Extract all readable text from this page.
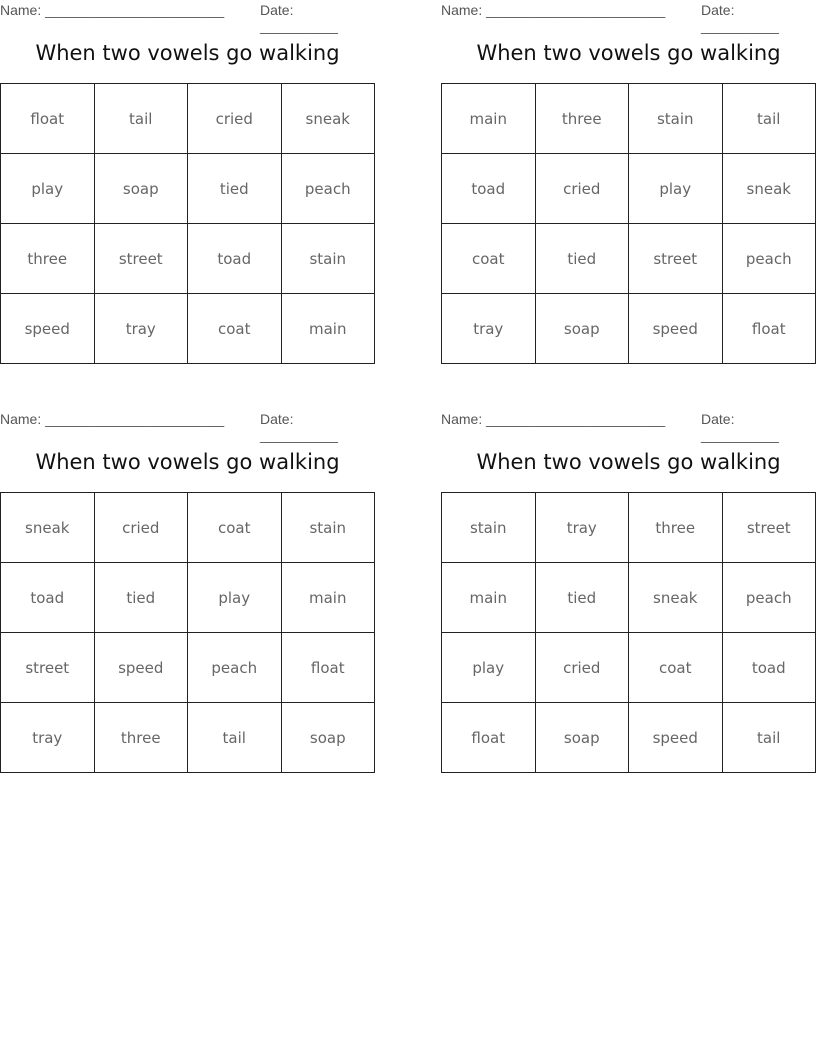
Name: _______________________	Date: __________
When two vowels go walking
float	tail	cried	sneak
play	soap	tied	peach
three	street	toad	stain
speed	tray	coat	main
Name: _______________________	Date: __________
When two vowels go walking
main	three	stain	tail
toad	cried	play	sneak
coat	tied	street	peach
tray	soap	speed	float
Name: _______________________	Date: __________
When two vowels go walking
sneak	cried	coat	stain
toad	tied	play	main
street	speed	peach	float
tray	three	tail	soap
Name: _______________________	Date: __________
When two vowels go walking
stain	tray	three	street
main	tied	sneak	peach
play	cried	coat	toad
float	soap	speed	tail
